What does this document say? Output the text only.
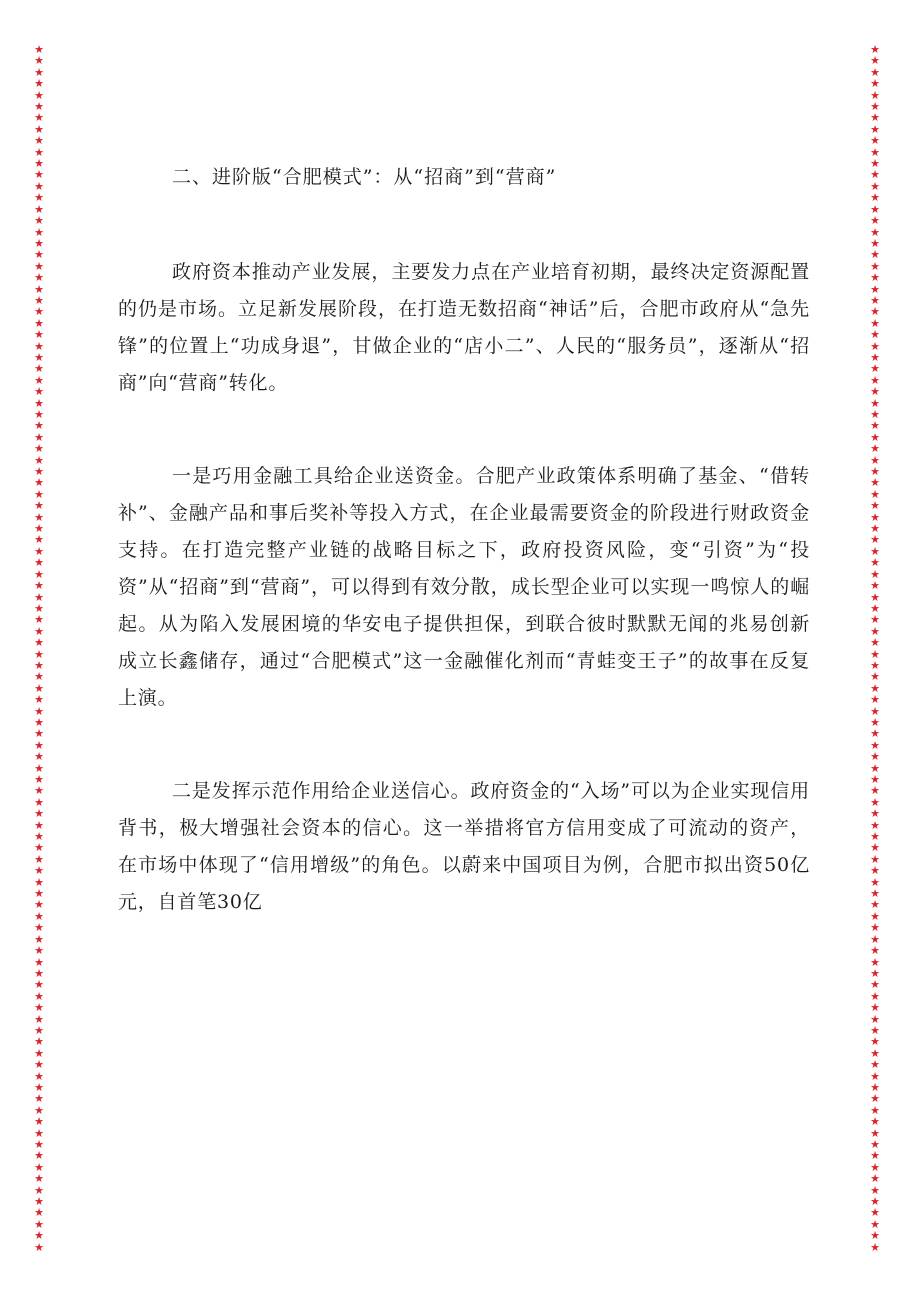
★
★
★
★
★
★
★
★
★
★
★
★
★
★
★
★
★
★
★
★
★
★
★
★
★
★
★
★
★
★
★
★
★
★
★
★
★
★
★
★
★
★
★
★
★
★
★
★
★
★
★
★
★
★
★
★
★
★
★
★
★
★
★
★
★
★
★
★
★
★
★
★
★
★
★
★
★
★
★
★
★
★
★
★
★
★
★
★
★
★
★
★
★
★
★
★
★
★
★
★
★
★
★
★
★
★
★
★
★
★
★
★
★
★
★
★
★
★
★
★
★
★
★
★
★
★
★
★
★
★
★
★
★
★
★
★
★
★
★
★
★
★
★
★
★
★
★
★
★
★
★
★
★
★
★
★
★
★
★
★
★
★
★
★
★
★
★
★
★
★
★
★
★
★
★
★
★
★
★
★
★
★
★
★
★
★
★
★
★
★
★
★
★
★
★
★
★
★
★
★
★
★
★
★
★
★
★
★
★
★
★
★

二、进阶版“合肥模式”：从“招商”到“营商”

政府资本推动产业发展，主要发力点在产业培育初期，最终决定资源配置的仍是市场。立足新发展阶段，在打造无数招商“神话”后，合肥市政府从“急先锋”的位置上“功成身退”，甘做企业的“店小二”、人民的“服务员”，逐渐从“招商”向“营商”转化。

一是巧用金融工具给企业送资金。合肥产业政策体系明确了基金、“借转补”、金融产品和事后奖补等投入方式，在企业最需要资金的阶段进行财政资金支持。在打造完整产业链的战略目标之下，政府投资风险，变“引资”为“投资”从“招商”到“营商”，可以得到有效分散，成长型企业可以实现一鸣惊人的崛起。从为陷入发展困境的华安电子提供担保，到联合彼时默默无闻的兆易创新成立长鑫储存，通过“合肥模式”这一金融催化剂而“青蛙变王子”的故事在反复上演。

二是发挥示范作用给企业送信心。政府资金的“入场”可以为企业实现信用背书，极大增强社会资本的信心。这一举措将官方信用变成了可流动的资产，在市场中体现了“信用增级”的角色。以蔚来中国项目为例，合肥市拟出资50亿元，自首笔30亿
